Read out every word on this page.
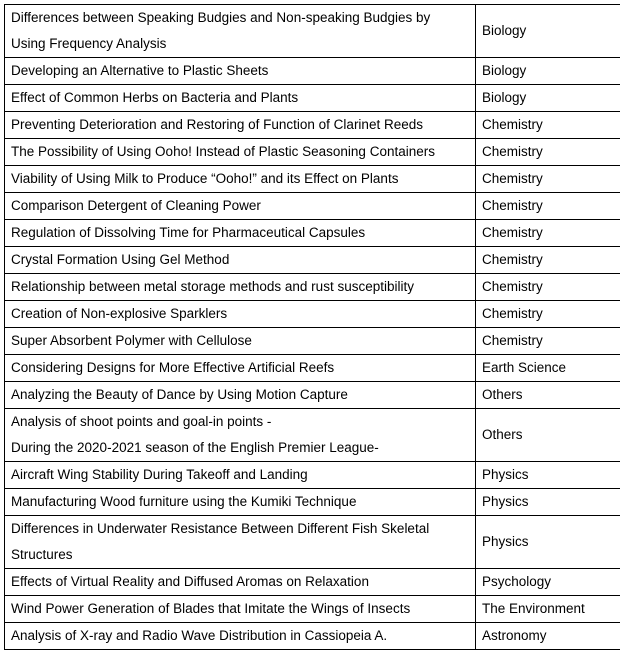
Differences between Speaking Budgies and Non-speaking Budgies by
Using Frequency Analysis	Biology

Developing an Alternative to Plastic Sheets	Biology

Effect of Common Herbs on Bacteria and Plants	Biology

Preventing Deterioration and Restoring of Function of Clarinet Reeds	Chemistry

The Possibility of Using Ooho! Instead of Plastic Seasoning Containers	Chemistry

Viability of Using Milk to Produce “Ooho!” and its Effect on Plants	Chemistry

Comparison Detergent of Cleaning Power	Chemistry

Regulation of Dissolving Time for Pharmaceutical Capsules	Chemistry

Crystal Formation Using Gel Method	Chemistry

Relationship between metal storage methods and rust susceptibility	Chemistry

Creation of Non-explosive Sparklers	Chemistry

Super Absorbent Polymer with Cellulose	Chemistry

Considering Designs for More Effective Artificial Reefs	Earth Science

Analyzing the Beauty of Dance by Using Motion Capture	Others

Analysis of shoot points and goal-in points -
During the 2020-2021 season of the English Premier League-	Others

Aircraft Wing Stability During Takeoff and Landing	Physics

Manufacturing Wood furniture using the Kumiki Technique	Physics

Differences in Underwater Resistance Between Different Fish Skeletal
Structures	Physics

Effects of Virtual Reality and Diffused Aromas on Relaxation	Psychology

Wind Power Generation of Blades that Imitate the Wings of Insects	The Environment

Analysis of X-ray and Radio Wave Distribution in Cassiopeia A.	Astronomy
